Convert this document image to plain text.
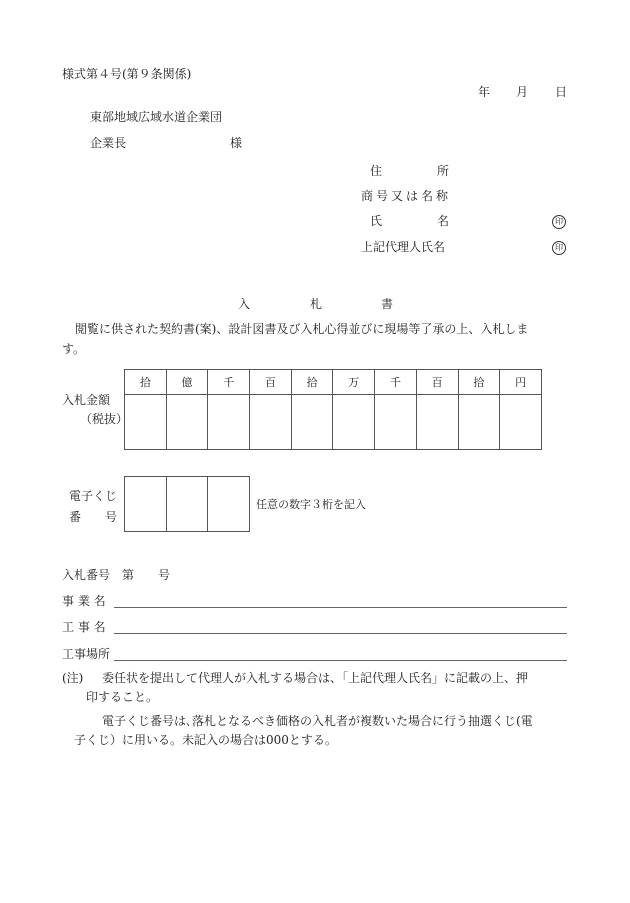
様式第４号(第９条関係)
年 月 日
東部地域広域水道企業団
企業長	様
住	所
商号又は名称
氏	名	印
上記代理人氏名	印
入	札	書
閲覧に供された契約書(案)、設計図書及び入札心得並びに現場等了承の上、入札しま
す。
入札金額
（税抜）
拾	億	千	百	拾	万	千	百	拾	円

電子くじ
番 号

任意の数字３桁を記入
入札番号　第　　号
事 業 名
工 事 名
工事場所
(注) 委任状を提出して代理人が入札する場合は、「上記代理人氏名」に記載の上、押
印すること。
電子くじ番号は､落札となるべき価格の入札者が複数いた場合に行う抽選くじ(電
子くじ）に用いる。未記入の場合は000とする。
